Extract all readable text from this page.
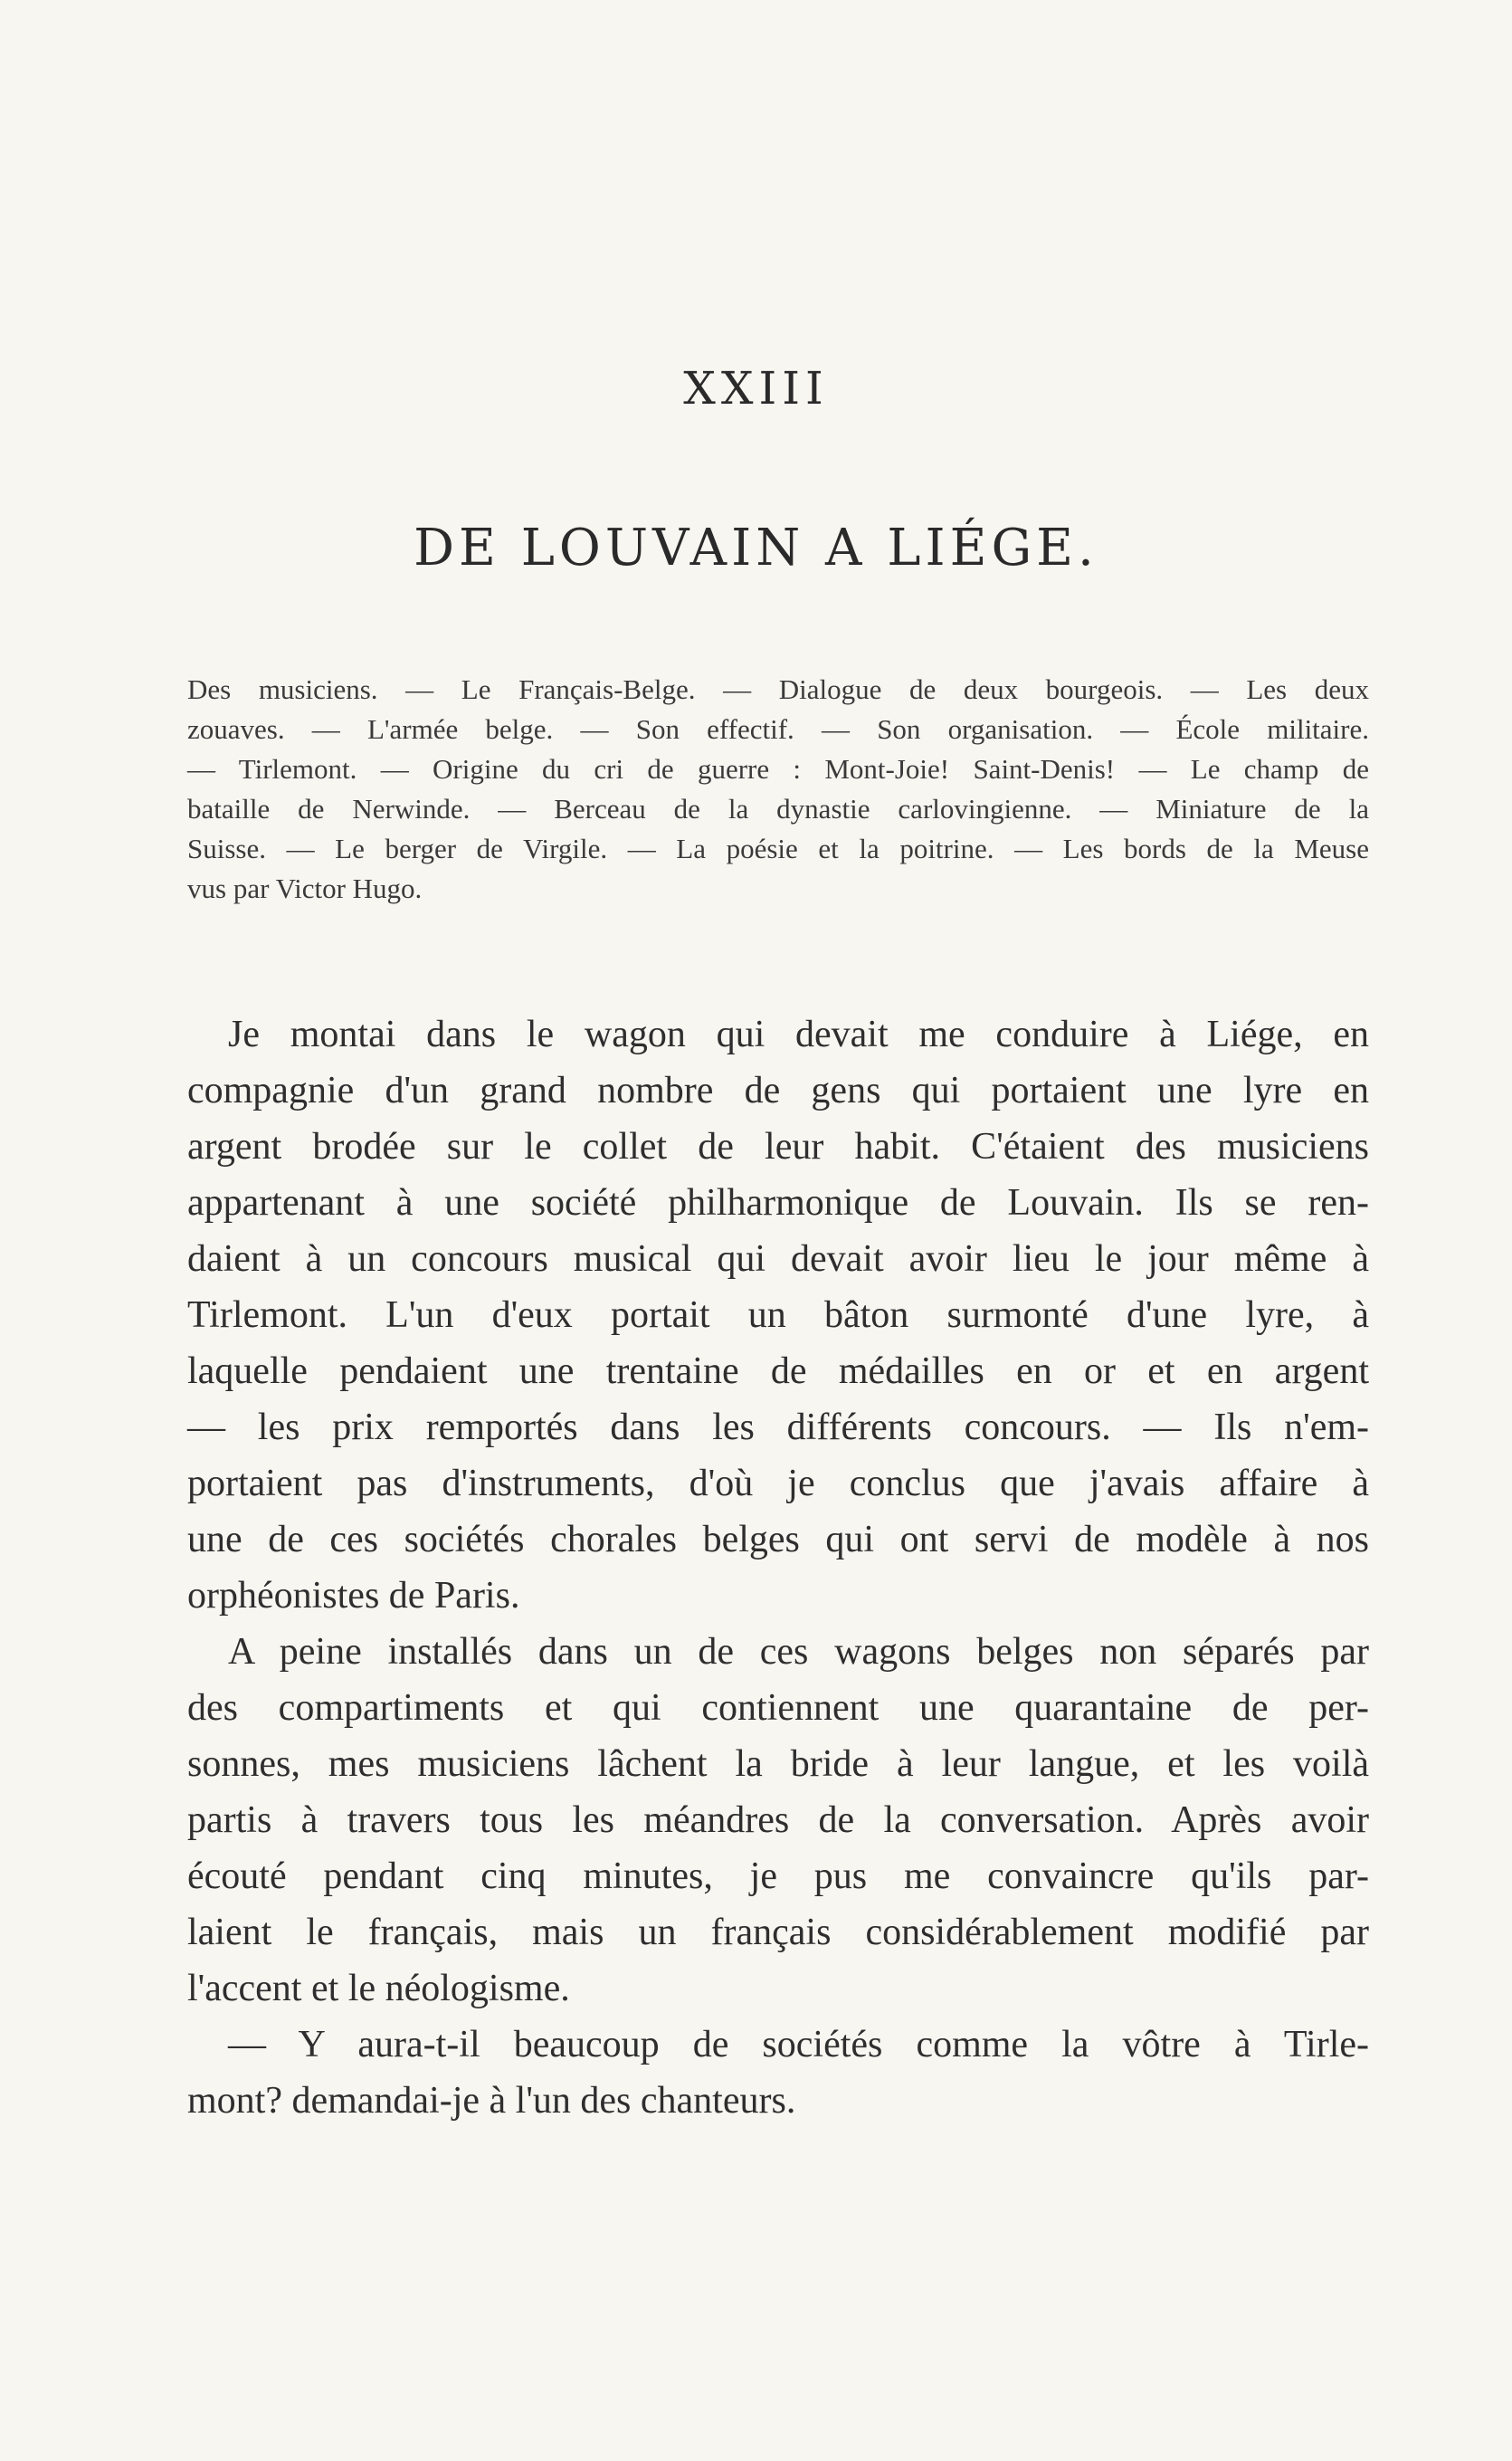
XXIII
DE LOUVAIN A LIÉGE.
Des musiciens. — Le Français-Belge. — Dialogue de deux bourgeois. — Les deux
zouaves. — L'armée belge. — Son effectif. — Son organisation. — École militaire.
— Tirlemont. — Origine du cri de guerre : Mont-Joie! Saint-Denis! — Le champ de
bataille de Nerwinde. — Berceau de la dynastie carlovingienne. — Miniature de la
Suisse. — Le berger de Virgile. — La poésie et la poitrine. — Les bords de la Meuse
vus par Victor Hugo.
Je montai dans le wagon qui devait me conduire à Liége, en
compagnie d'un grand nombre de gens qui portaient une lyre en
argent brodée sur le collet de leur habit. C'étaient des musiciens
appartenant à une société philharmonique de Louvain. Ils se ren-
daient à un concours musical qui devait avoir lieu le jour même à
Tirlemont. L'un d'eux portait un bâton surmonté d'une lyre, à
laquelle pendaient une trentaine de médailles en or et en argent
— les prix remportés dans les différents concours. — Ils n'em-
portaient pas d'instruments, d'où je conclus que j'avais affaire à
une de ces sociétés chorales belges qui ont servi de modèle à nos
orphéonistes de Paris.
A peine installés dans un de ces wagons belges non séparés par
des compartiments et qui contiennent une quarantaine de per-
sonnes, mes musiciens lâchent la bride à leur langue, et les voilà
partis à travers tous les méandres de la conversation. Après avoir
écouté pendant cinq minutes, je pus me convaincre qu'ils par-
laient le français, mais un français considérablement modifié par
l'accent et le néologisme.
— Y aura-t-il beaucoup de sociétés comme la vôtre à Tirle-
mont? demandai-je à l'un des chanteurs.
